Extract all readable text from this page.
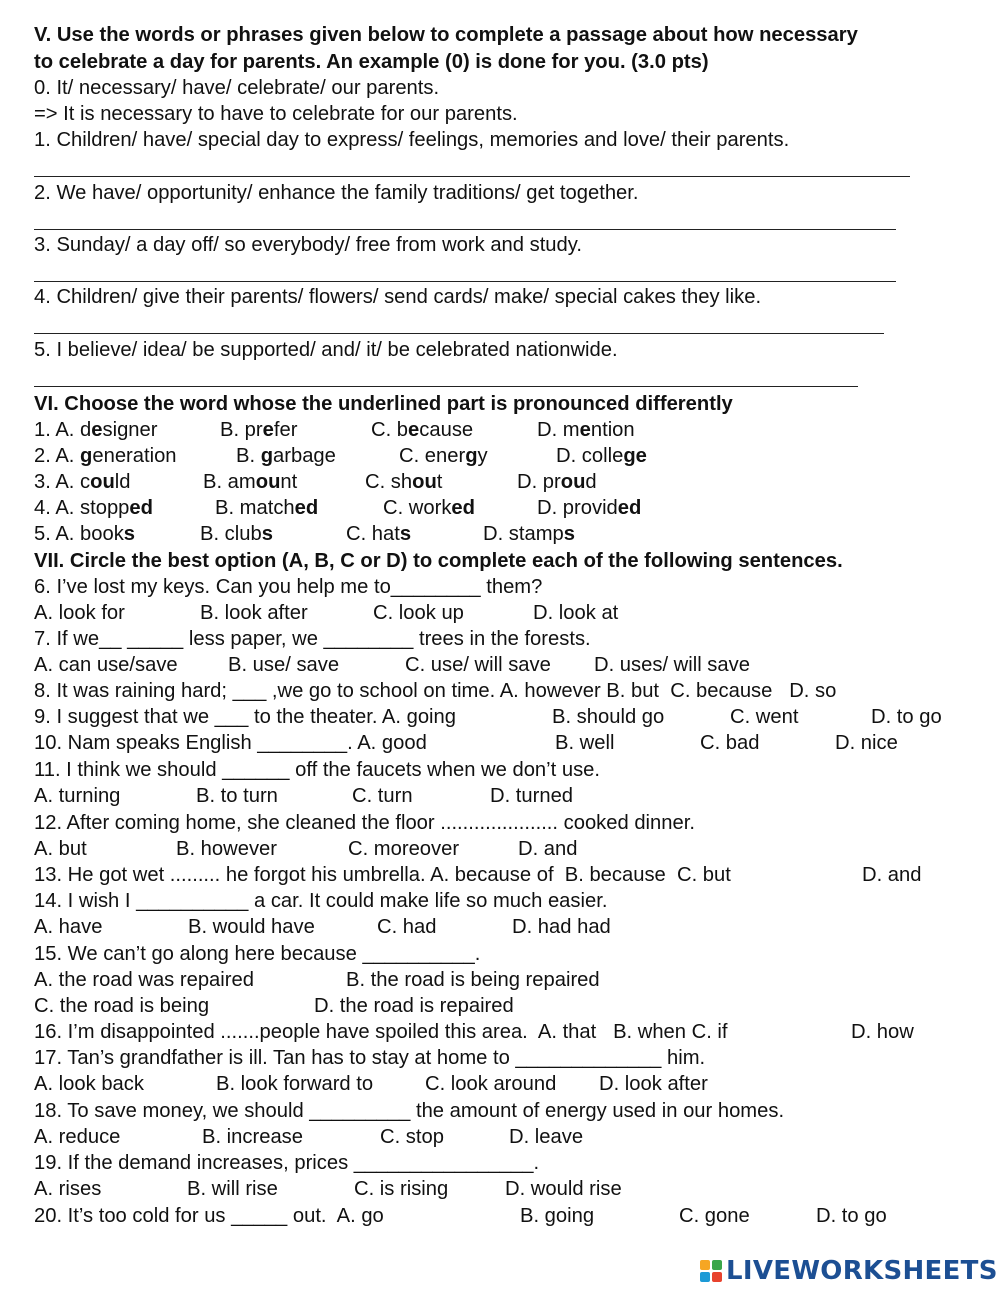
V. Use the words or phrases given below to complete a passage about how necessary
to celebrate a day for parents. An example (0) is done for you. (3.0 pts)
0. It/ necessary/ have/ celebrate/ our parents.
=> It is necessary to have to celebrate for our parents.
1. Children/ have/ special day to express/ feelings, memories and love/ their parents.
2. We have/ opportunity/ enhance the family traditions/ get together.
3. Sunday/ a day off/ so everybody/ free from work and study.
4. Children/ give their parents/ flowers/ send cards/ make/ special cakes they like.
5. I believe/ idea/ be supported/ and/ it/ be celebrated nationwide.
VI. Choose the word whose the underlined part is pronounced differently
1. A. designer	B. prefer	C. because	D. mention
2. A. generation	B. garbage	C. energy	D. college
3. A. could	B. amount	C. shout	D. proud
4. A. stopped	B. matched	C. worked	D. provided
5. A. books	B. clubs	C. hats	D. stamps
VII. Circle the best option (A, B, C or D) to complete each of the following sentences.
6. I’ve lost my keys. Can you help me to________ them?
A. look for	B. look after	C. look up	D. look at
7. If we__ _____ less paper, we ________ trees in the forests.
A. can use/save B. use/ save	C. use/ will save D. uses/ will save
8. It was raining hard; ___ ,we go to school on time. A. however B. but  C. because   D. so
9. I suggest that we ___ to the theater. A. going	B. should go	C. went	D. to go
10. Nam speaks English ________. A. good	B. well	C. bad	D. nice
11. I think we should ______ off the faucets when we don’t use.
A. turning	B. to turn	C. turn	D. turned
12. After coming home, she cleaned the floor ..................... cooked dinner.
A. but	B. however	C. moreover	D. and
13. He got wet ......... he forgot his umbrella. A. because of  B. because  C. but	D. and
14. I wish I __________ a car. It could make life so much easier.
A. have	B. would have	C. had	D. had had
15. We can’t go along here because __________.
A. the road was repaired	B. the road is being repaired
C. the road is being	D. the road is repaired
16. I’m disappointed .......people have spoiled this area.  A. that   B. when C. if	D. how
17. Tan’s grandfather is ill. Tan has to stay at home to _____________ him.
A. look back	B. look forward to	C. look around D. look after
18. To save money, we should _________ the amount of energy used in our homes.
A. reduce	B. increase	C. stop	D. leave
19. If the demand increases, prices ________________.
A. rises	B. will rise	C. is rising	D. would rise
20. It’s too cold for us _____ out.  A. go	B. going	C. gone	D. to go
LIVEWORKSHEETS
